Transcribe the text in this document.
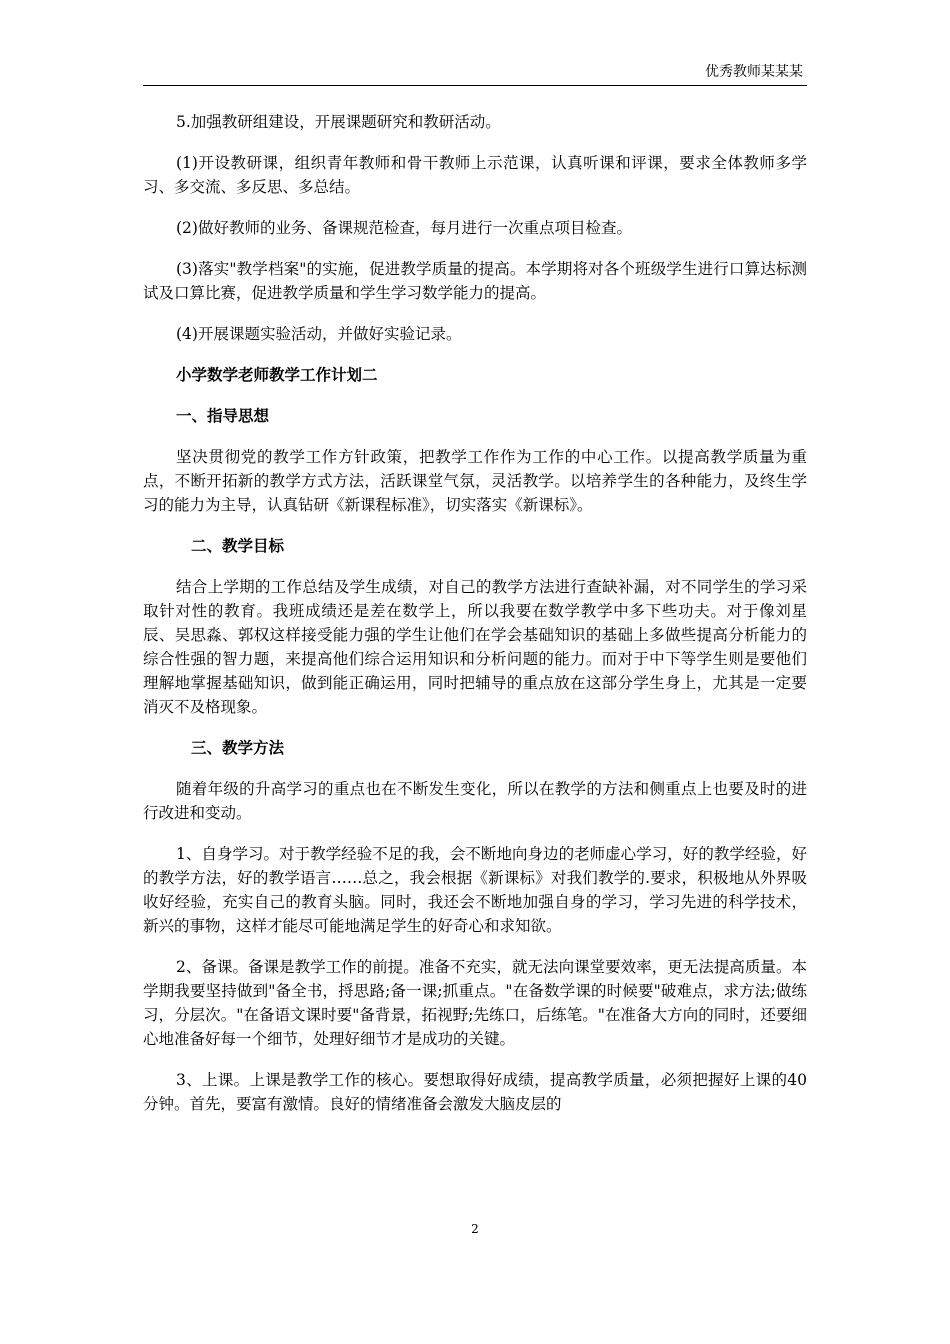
优秀教师某某某

5.加强教研组建设，开展课题研究和教研活动。

(1)开设教研课，组织青年教师和骨干教师上示范课，认真听课和评课，要求全体教师多学习、多交流、多反思、多总结。

(2)做好教师的业务、备课规范检查，每月进行一次重点项目检查。

(3)落实"教学档案"的实施，促进教学质量的提高。本学期将对各个班级学生进行口算达标测试及口算比赛，促进教学质量和学生学习数学能力的提高。

(4)开展课题实验活动，并做好实验记录。

小学数学老师教学工作计划二
一、指导思想

坚决贯彻党的教学工作方针政策，把教学工作作为工作的中心工作。以提高教学质量为重点，不断开拓新的教学方式方法，活跃课堂气氛，灵活教学。以培养学生的各种能力，及终生学习的能力为主导，认真钻研《新课程标准》，切实落实《新课标》。

二、教学目标

结合上学期的工作总结及学生成绩，对自己的教学方法进行查缺补漏，对不同学生的学习采取针对性的教育。我班成绩还是差在数学上，所以我要在数学教学中多下些功夫。对于像刘星辰、吴思淼、郭权这样接受能力强的学生让他们在学会基础知识的基础上多做些提高分析能力的综合性强的智力题，来提高他们综合运用知识和分析问题的能力。而对于中下等学生则是要他们理解地掌握基础知识，做到能正确运用，同时把辅导的重点放在这部分学生身上，尤其是一定要消灭不及格现象。

三、教学方法

随着年级的升高学习的重点也在不断发生变化，所以在教学的方法和侧重点上也要及时的进行改进和变动。

1、自身学习。对于教学经验不足的我，会不断地向身边的老师虚心学习，好的教学经验，好的教学方法，好的教学语言……总之，我会根据《新课标》对我们教学的.要求，积极地从外界吸收好经验，充实自己的教育头脑。同时，我还会不断地加强自身的学习，学习先进的科学技术，新兴的事物，这样才能尽可能地满足学生的好奇心和求知欲。

2、备课。备课是教学工作的前提。准备不充实，就无法向课堂要效率，更无法提高质量。本学期我要坚持做到"备全书，捋思路;备一课;抓重点。"在备数学课的时候要"破难点，求方法;做练习，分层次。"在备语文课时要"备背景，拓视野;先练口，后练笔。"在准备大方向的同时，还要细心地准备好每一个细节，处理好细节才是成功的关键。

3、上课。上课是教学工作的核心。要想取得好成绩，提高教学质量，必须把握好上课的40分钟。首先，要富有激情。良好的情绪准备会激发大脑皮层的

2
